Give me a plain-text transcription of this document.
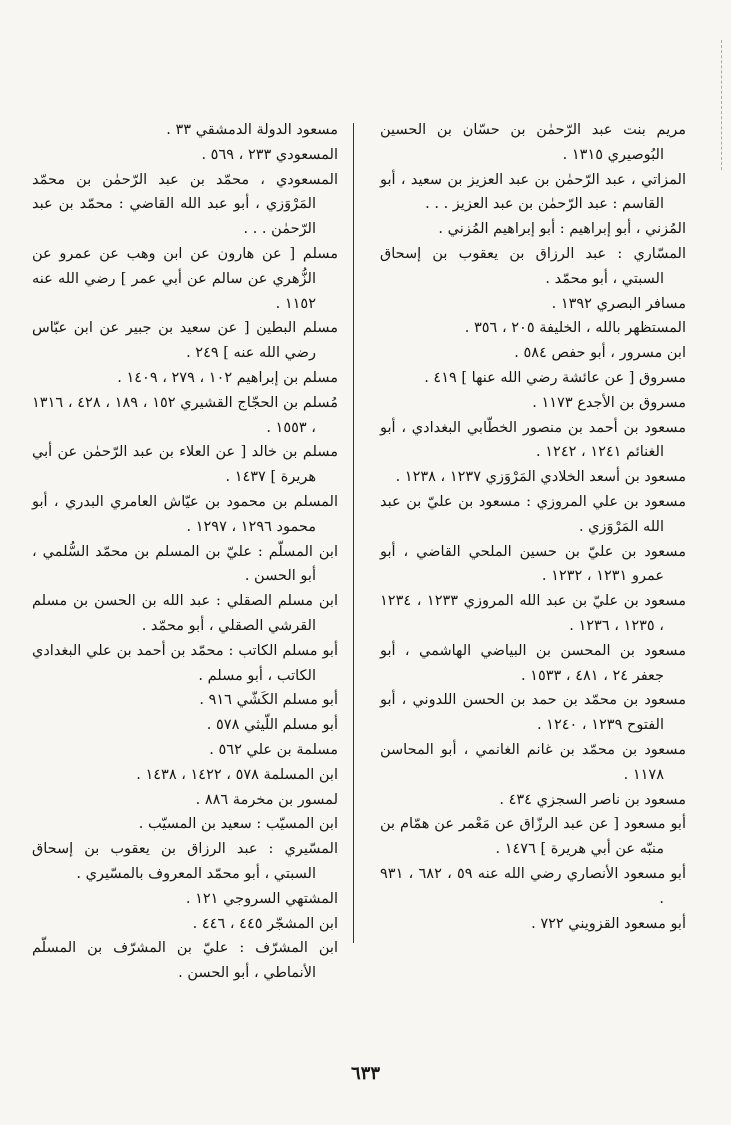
مريم بنت عبد الرّحمٰن بن حسّان بن الحسين البُوصيري ١٣١٥ .

المزاتي ، عبد الرّحمٰن بن عبد العزيز بن سعيد ، أبو القاسم : عبد الرّحمٰن بن عبد العزيز . . .

المُزني ، أبو إبراهيم : أبو إبراهيم المُزني .

المسّاري : عبد الرزاق بن يعقوب بن إسحاق السبتي ، أبو محمّد .

مسافر البصري ١٣٩٢ .

المستظهر بالله ، الخليفة ٢٠٥ ، ٣٥٦ .

ابن مسرور ، أبو حفص ٥٨٤ .

مسروق [ عن عائشة رضي الله عنها ] ٤١٩ .

مسروق بن الأجدع ١١٧٣ .

مسعود بن أحمد بن منصور الخطّابي البغدادي ، أبو الغنائم ١٢٤١ ، ١٢٤٢ .

مسعود بن أسعد الخلادي المَرْوَزي ١٢٣٧ ، ١٢٣٨ .

مسعود بن علي المروزي : مسعود بن عليّ بن عبد الله المَرْوَزي .

مسعود بن عليّ بن حسين الملحي القاضي ، أبو عمرو ١٢٣١ ، ١٢٣٢ .

مسعود بن عليّ بن عبد الله المروزي ١٢٣٣ ، ١٢٣٤ ، ١٢٣٥ ، ١٢٣٦ .

مسعود بن المحسن بن البياضي الهاشمي ، أبو جعفر ٢٤ ، ٤٨١ ، ١٥٣٣ .

مسعود بن محمّد بن حمد بن الحسن اللدوني ، أبو الفتوح ١٢٣٩ ، ١٢٤٠ .

مسعود بن محمّد بن غانم الغانمي ، أبو المحاسن ١١٧٨ .

مسعود بن ناصر السجزي ٤٣٤ .

أبو مسعود [ عن عبد الرزّاق عن مَعْمر عن همّام بن منبّه عن أبي هريرة ] ١٤٧٦ .

أبو مسعود الأنصاري رضي الله عنه ٥٩ ، ٦٨٢ ، ٩٣١ .

أبو مسعود القزويني ٧٢٢ .

مسعود الدولة الدمشقي ٣٣ .

المسعودي ٢٣٣ ، ٥٦٩ .

المسعودي ، محمّد بن عبد الرّحمٰن بن محمّد المَرْوَزي ، أبو عبد الله القاضي : محمّد بن عبد الرّحمٰن . . .

مسلم [ عن هارون عن ابن وهب عن عمرو عن الزُّهري عن سالم عن أبي عمر ] رضي الله عنه ١١٥٢ .

مسلم البطين [ عن سعيد بن جبير عن ابن عبّاس رضي الله عنه ] ٢٤٩ .

مسلم بن إبراهيم ١٠٢ ، ٢٧٩ ، ١٤٠٩ .

مُسلم بن الحجّاج القشيري ١٥٢ ، ١٨٩ ، ٤٢٨ ، ١٣١٦ ، ١٥٥٣ .

مسلم بن خالد [ عن العلاء بن عبد الرّحمٰن عن أبي هريرة ] ١٤٣٧ .

المسلم بن محمود بن عيّاش العامري البدري ، أبو محمود ١٢٩٦ ، ١٢٩٧ .

ابن المسلّم : عليّ بن المسلم بن محمّد السُّلمي ، أبو الحسن .

ابن مسلم الصقلي : عبد الله بن الحسن بن مسلم القرشي الصقلي ، أبو محمّد .

أبو مسلم الكاتب : محمّد بن أحمد بن علي البغدادي الكاتب ، أبو مسلم .

أبو مسلم الكَشّي ٩١٦ .

أبو مسلم اللّيثي ٥٧٨ .

مسلمة بن علي ٥٦٢ .

ابن المسلمة ٥٧٨ ، ١٤٢٢ ، ١٤٣٨ .

لمسور بن مخرمة ٨٨٦ .

ابن المسيّب : سعيد بن المسيّب .

المسّيري : عبد الرزاق بن يعقوب بن إسحاق السبتي ، أبو محمّد المعروف بالمسّيري .

المشتهي السروجي ١٢١ .

ابن المشجّر ٤٤٥ ، ٤٤٦ .

ابن المشرّف : عليّ بن المشرّف بن المسلّم الأنماطي ، أبو الحسن .

٦٣٣
